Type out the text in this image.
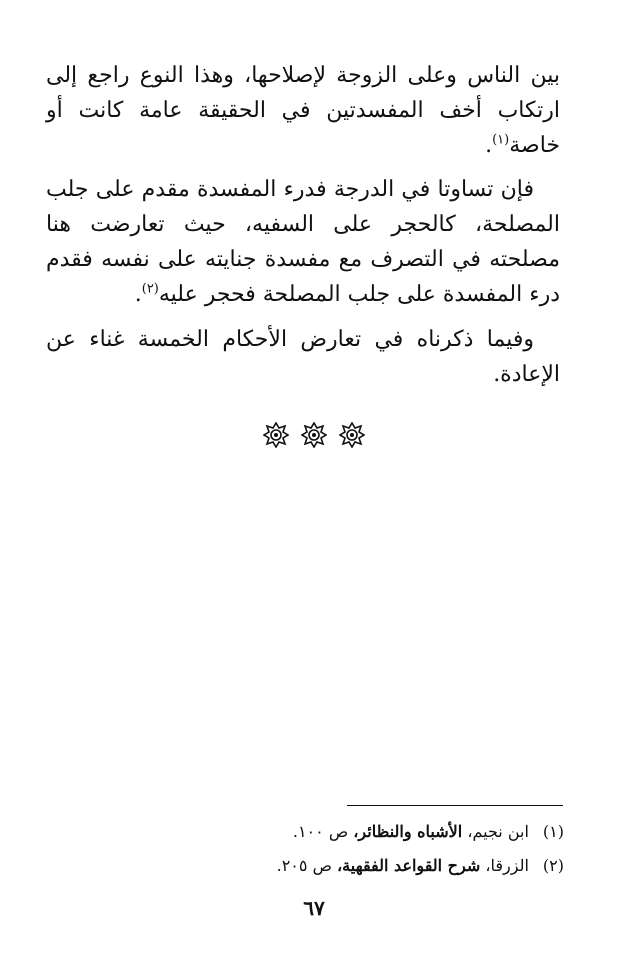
بين الناس وعلى الزوجة لإصلاحها، وهذا النوع راجع إلى ارتكاب أخف المفسدتين في الحقيقة عامة كانت أو خاصة$^{(١)}$.

فإن تساوتا في الدرجة فدرء المفسدة مقدم على جلب المصلحة، كالحجر على السفيه، حيث تعارضت هنا مصلحته في التصرف مع مفسدة جنايته على نفسه فقدم درء المفسدة على جلب المصلحة فحجر عليه$^{(٢)}$.

وفيما ذكرناه في تعارض الأحكام الخمسة غناء عن الإعادة.

(١) ابن نجيم، الأشباه والنظائر، ص ١٠٠.
(٢) الزرقا، شرح القواعد الفقهية، ص ٢٠٥.
٦٧
